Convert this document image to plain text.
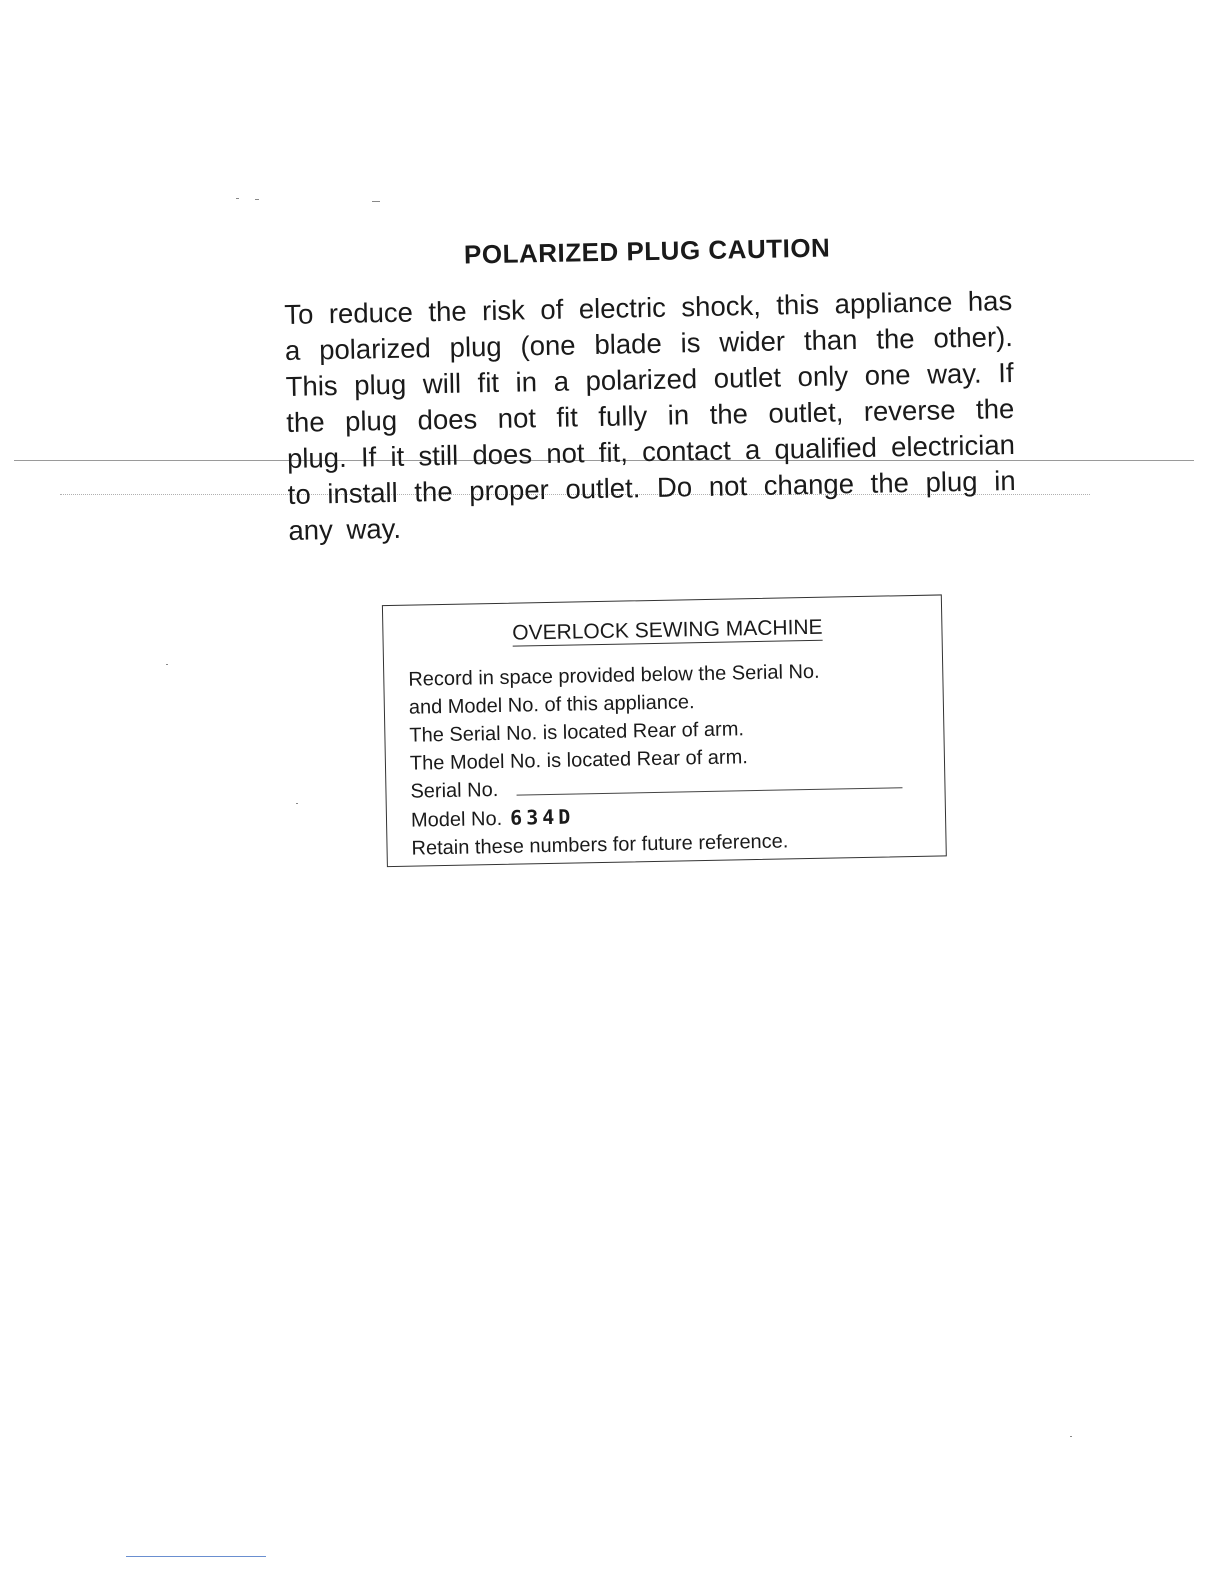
POLARIZED PLUG CAUTION
To reduce the risk of electric shock, this appliance has a polarized plug (one blade is wider than the other). This plug will fit in a polarized outlet only one way. If the plug does not fit fully in the outlet, reverse the plug. If it still does not fit, contact a qualified electrician to install the proper outlet. Do not change the plug in any way.
OVERLOCK SEWING MACHINE
Record in space provided below the Serial No.
and Model No. of this appliance.
The Serial No. is located Rear of arm.
The Model No. is located Rear of arm.
Serial No.
Model No. 634D
Retain these numbers for future reference.
